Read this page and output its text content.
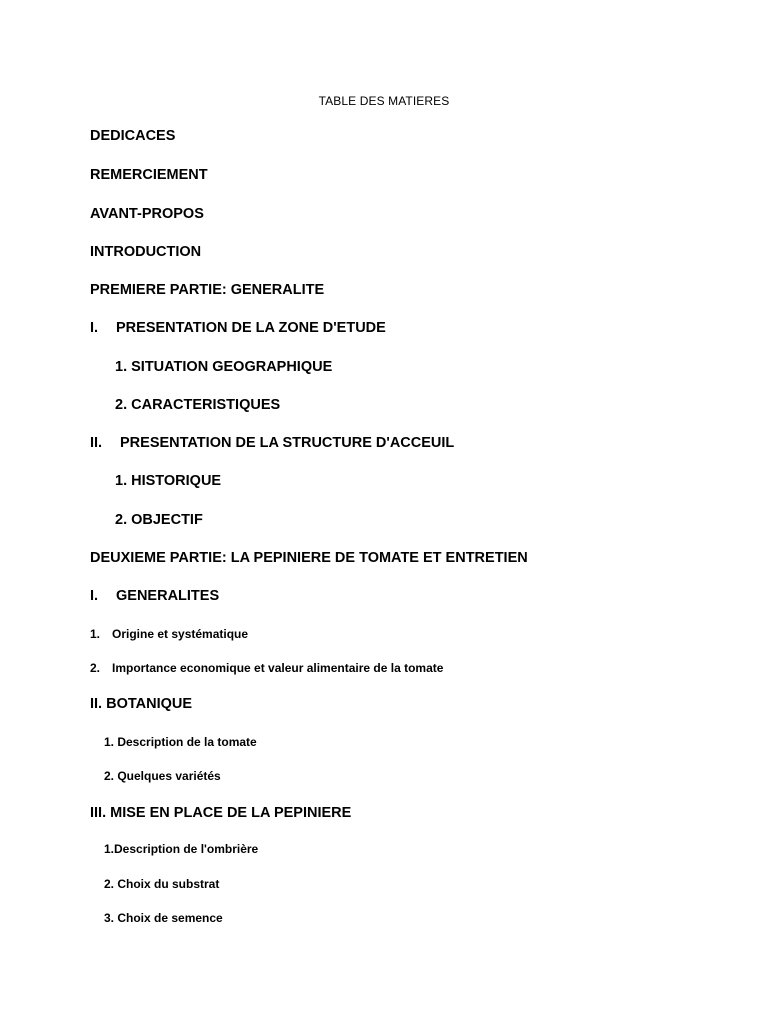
TABLE DES MATIERES
DEDICACES
REMERCIEMENT
AVANT-PROPOS
INTRODUCTION
PREMIERE PARTIE: GENERALITE
I. PRESENTATION DE LA ZONE D'ETUDE
1. SITUATION GEOGRAPHIQUE
2. CARACTERISTIQUES
II. PRESENTATION DE LA STRUCTURE D'ACCEUIL
1. HISTORIQUE
2. OBJECTIF
DEUXIEME PARTIE: LA PEPINIERE DE TOMATE ET ENTRETIEN
I. GENERALITES
1. Origine et systématique
2. Importance economique et valeur alimentaire de la tomate
II. BOTANIQUE
1. Description de la tomate
2. Quelques variétés
III. MISE EN PLACE DE LA PEPINIERE
1.Description de l'ombrière
2. Choix du substrat
3. Choix de semence
